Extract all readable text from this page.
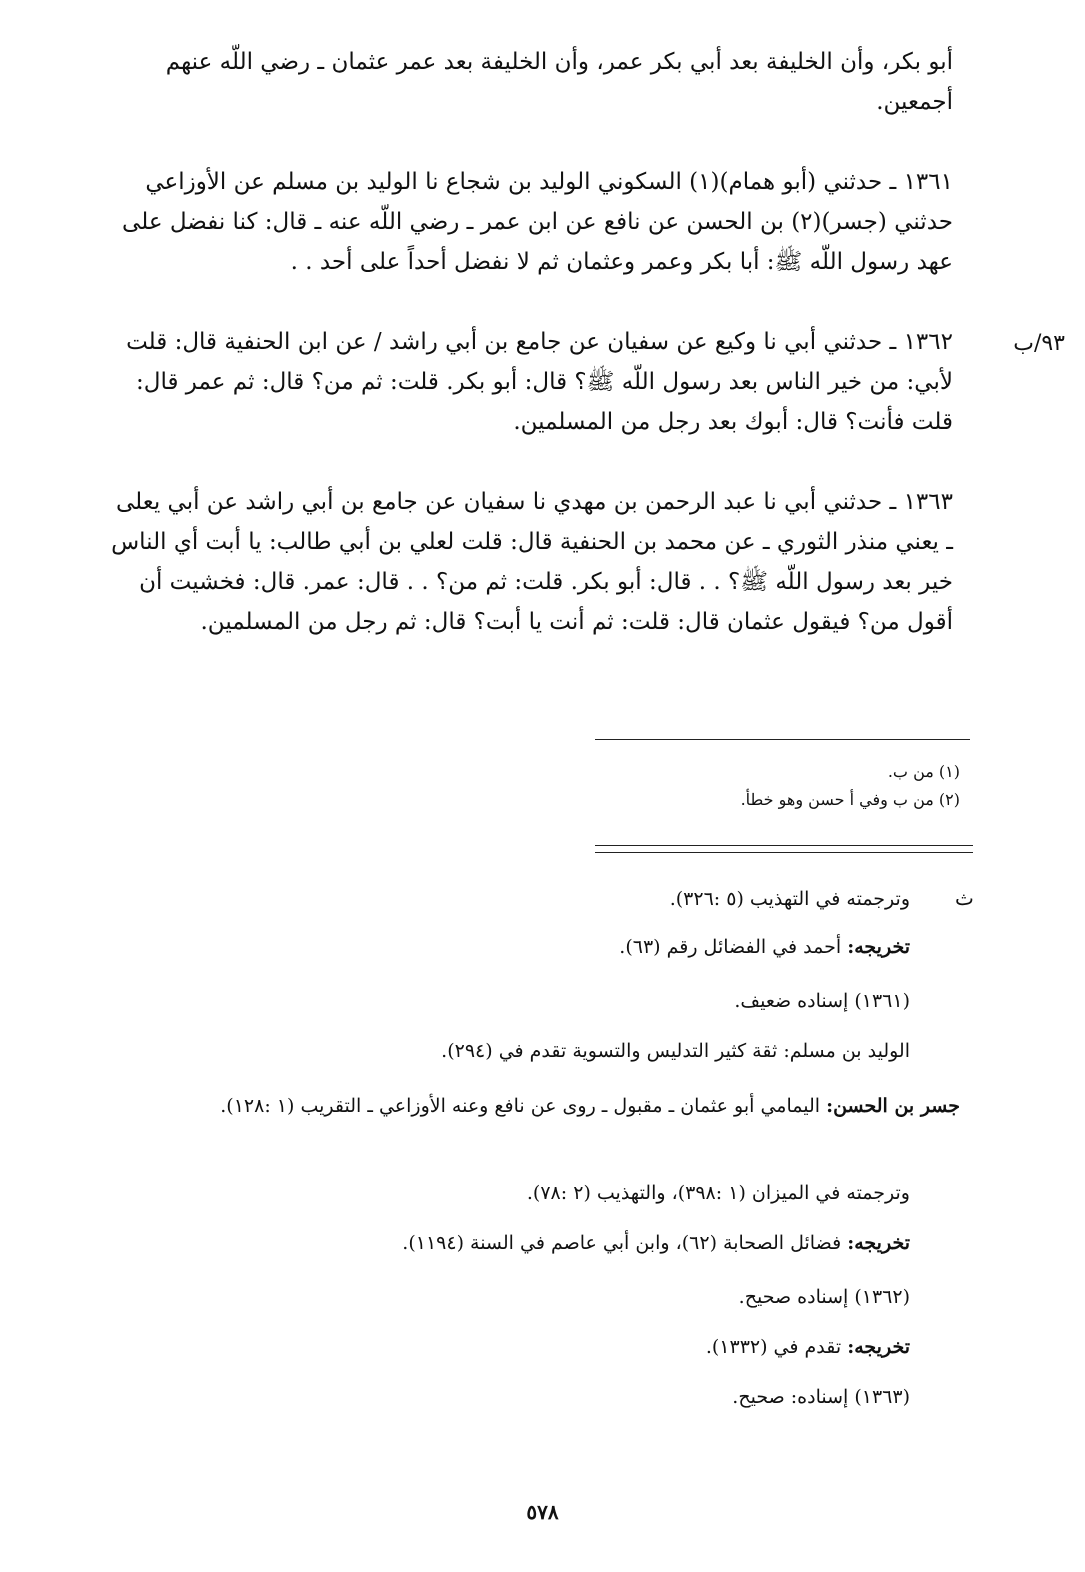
أبو بكر، وأن الخليفة بعد أبي بكر عمر، وأن الخليفة بعد عمر عثمان ـ رضي اللّه عنهم أجمعين.

١٣٦١ ـ حدثني (أبو همام)(١) السكوني الوليد بن شجاع نا الوليد بن مسلم عن الأوزاعي حدثني (جسر)(٢) بن الحسن عن نافع عن ابن عمر ـ رضي اللّه عنه ـ قال: كنا نفضل على عهد رسول اللّه ﷺ: أبا بكر وعمر وعثمان ثم لا نفضل أحداً على أحد . .

٩٣/ب

١٣٦٢ ـ حدثني أبي نا وكيع عن سفيان عن جامع بن أبي راشد / عن ابن الحنفية قال: قلت لأبي: من خير الناس بعد رسول اللّه ﷺ؟ قال: أبو بكر. قلت: ثم من؟ قال: ثم عمر قال: قلت فأنت؟ قال: أبوك بعد رجل من المسلمين.

١٣٦٣ ـ حدثني أبي نا عبد الرحمن بن مهدي نا سفيان عن جامع بن أبي راشد عن أبي يعلى ـ يعني منذر الثوري ـ عن محمد بن الحنفية قال: قلت لعلي بن أبي طالب: يا أبت أي الناس خير بعد رسول اللّه ﷺ؟ . . قال: أبو بكر. قلت: ثم من؟ . . قال: عمر. قال: فخشيت أن أقول من؟ فيقول عثمان قال: قلت: ثم أنت يا أبت؟ قال: ثم رجل من المسلمين.

(١) من ب.
(٢) من ب وفي أ حسن وهو خطأ.
ث
وترجمته في التهذيب (٥ :٣٢٦).
تخريجه: أحمد في الفضائل رقم (٦٣).
(١٣٦١) إسناده ضعيف.
الوليد بن مسلم: ثقة كثير التدليس والتسوية تقدم في (٢٩٤).
جسر بن الحسن: اليمامي أبو عثمان ـ مقبول ـ روى عن نافع وعنه الأوزاعي ـ التقريب (١ :١٢٨).
وترجمته في الميزان (١ :٣٩٨)، والتهذيب (٢ :٧٨).
تخريجه: فضائل الصحابة (٦٢)، وابن أبي عاصم في السنة (١١٩٤).
(١٣٦٢) إسناده صحيح.
تخريجه: تقدم في (١٣٣٢).
(١٣٦٣) إسناده: صحيح.
٥٧٨
